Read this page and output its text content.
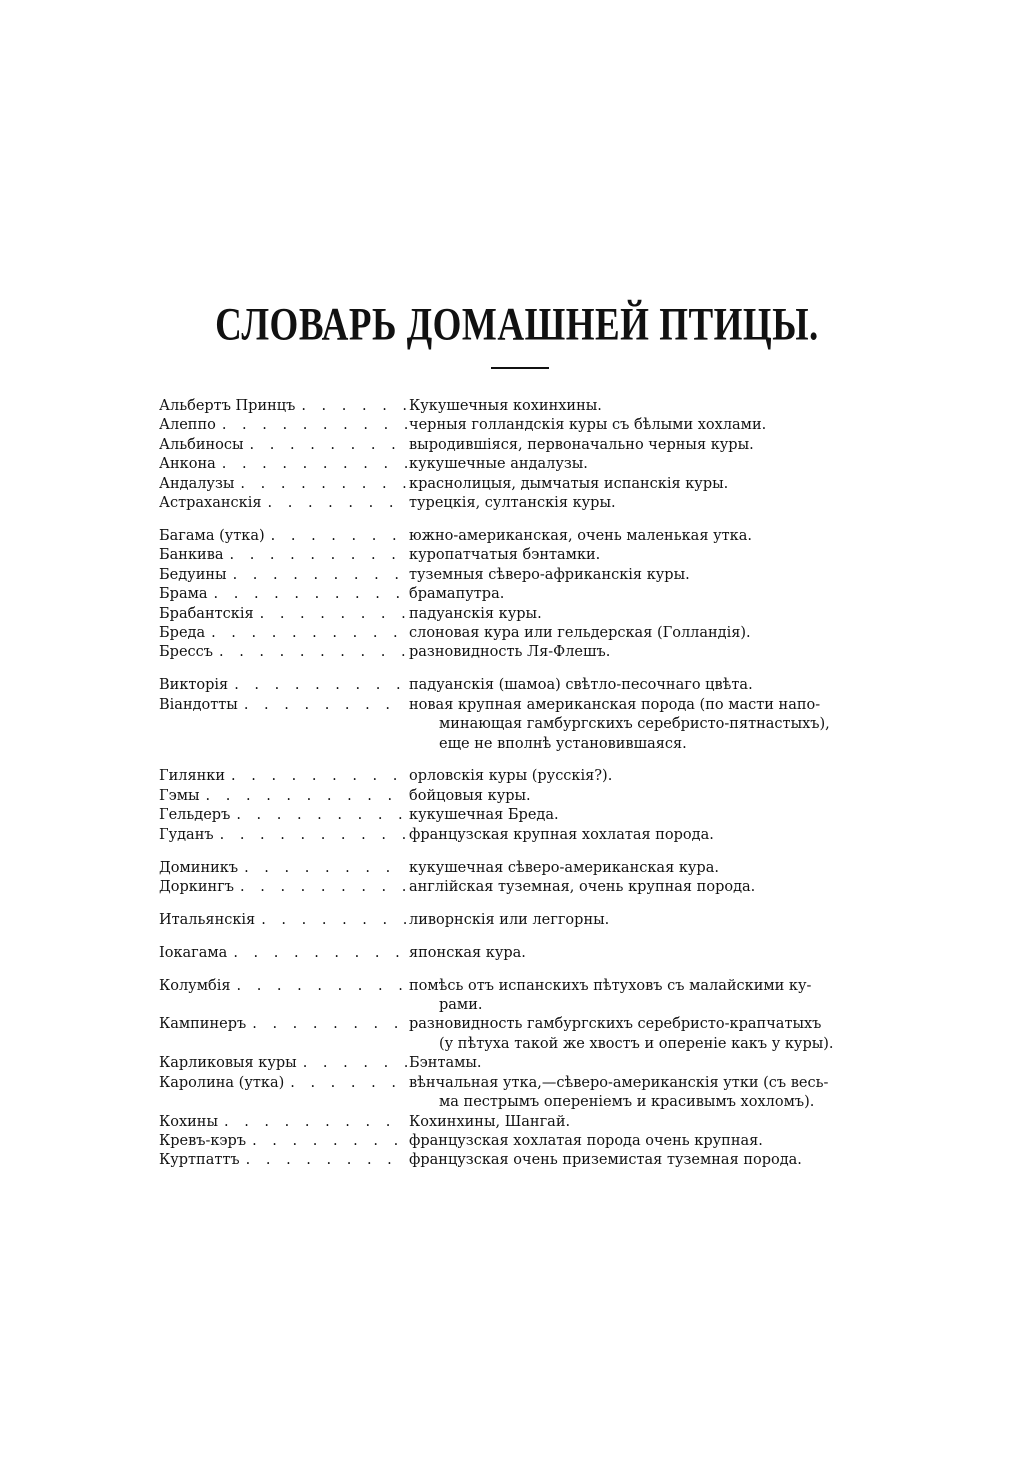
СЛОВАРЬ ДОМАШНЕЙ ПТИЦЫ.
Альбертъ Принцъ . . .	Кукушечныя кохинхины.
Алеппо . . .	черныя голландскія куры съ бѣлыми хохлами.
Альбиносы . . .	выродившіяся, первоначально черныя куры.
Анкона . . .	кукушечные андалузы.
Андалузы . . .	краснолицыя, дымчатыя испанскія куры.
Астраханскія . . .	турецкія, султанскія куры.
Багама (утка) . . .	южно-американская, очень маленькая утка.
Банкива . . .	куропатчатыя бэнтамки.
Бедуины . . .	туземныя сѣверо-африканскія куры.
Брама . . .	брамапутра.
Брабантскія . . .	падуанскія куры.
Бреда . . .	слоновая кура или гельдерская (Голландія).
Брессъ . . .	разновидность Ля-Флешъ.
Викторія . . .	падуанскія (шамоа) свѣтло-песочнаго цвѣта.
Віандотты . . .	новая крупная американская порода (по масти напо-
минающая гамбургскихъ серебристо-пятнастыхъ),
еще не вполнѣ установившаяся.
Гилянки . . .	орловскія куры (русскія?).
Гэмы . . .	бойцовыя куры.
Гельдеръ . . .	кукушечная Бреда.
Гуданъ . . .	французская крупная хохлатая порода.
Доминикъ . . .	кукушечная сѣверо-американская кура.
Доркингъ . . .	англійская туземная, очень крупная порода.
Итальянскія . . .	ливорнскія или леггорны.
Іокагама . . .	японская кура.
Колумбія . . .	помѣсь отъ испанскихъ пѣтуховъ съ малайскими ку-
рами.
Кампинеръ . . .	разновидность гамбургскихъ серебристо-крапчатыхъ
(у пѣтуха такой же хвостъ и опереніе какъ у куры).
Карликовыя куры . . .	Бэнтамы.
Каролина (утка) . . .	вѣнчальная утка,—сѣверо-американскія утки (съ весь-
ма пестрымъ опереніемъ и красивымъ хохломъ).
Кохины . . .	Кохинхины, Шангай.
Кревъ-кэръ . . .	французская хохлатая порода очень крупная.
Куртпаттъ . . .	французская очень приземистая туземная порода.
